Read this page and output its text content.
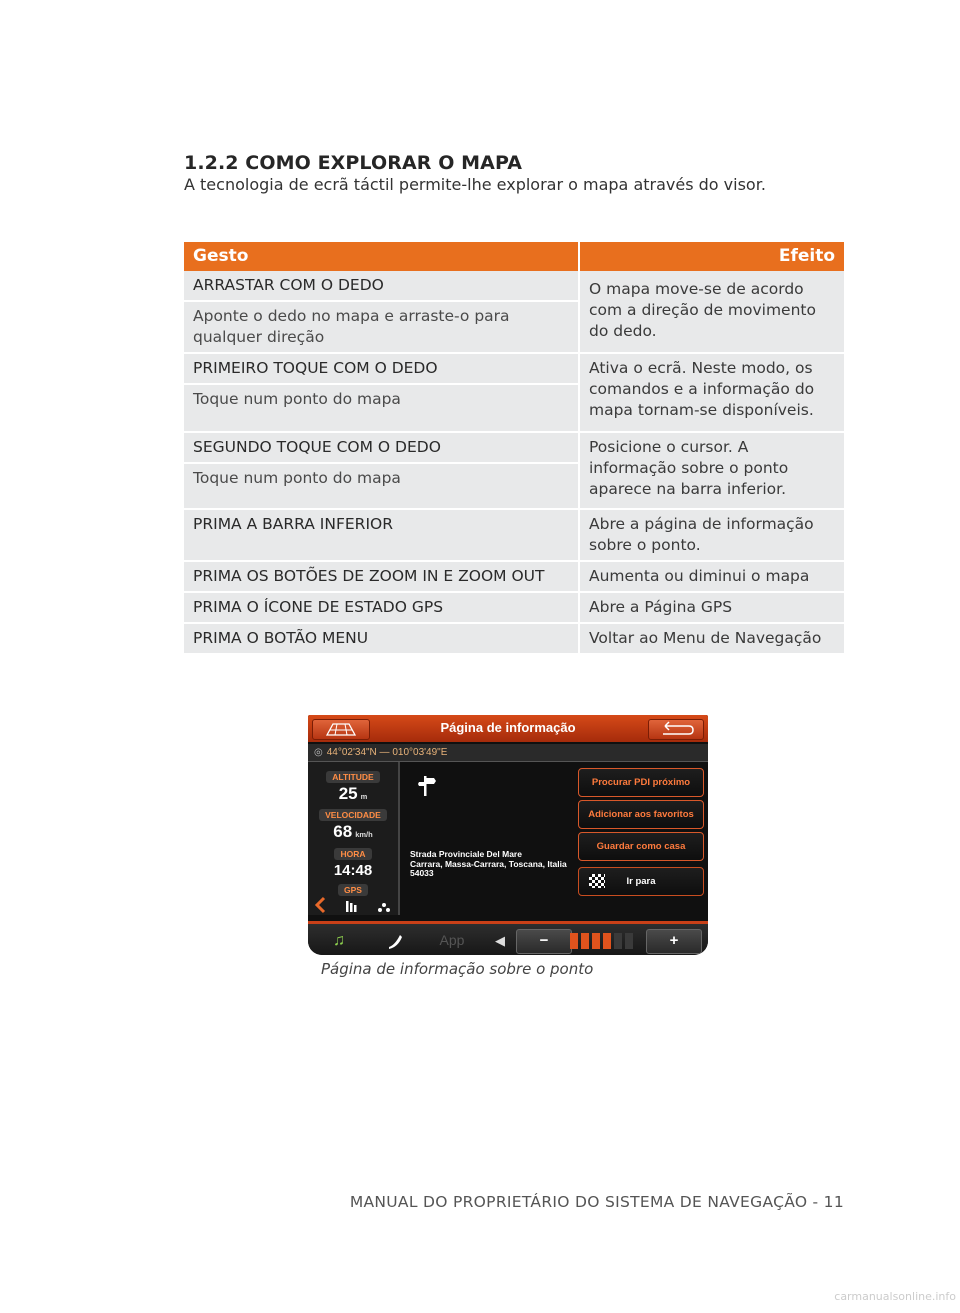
1.2.2 COMO EXPLORAR O MAPA

A tecnologia de ecrã táctil permite-lhe explorar o mapa através do visor.

Gesto	Efeito
ARRASTAR COM O DEDO	O mapa move-se de acordo com a direção de movimento do dedo.
Aponte o dedo no mapa e arraste-o para qualquer direção	
PRIMEIRO TOQUE COM O DEDO	Ativa o ecrã. Neste modo, os comandos e a informação do mapa tornam-se disponíveis.
Toque num ponto do mapa	
SEGUNDO TOQUE COM O DEDO	Posicione o cursor. A informação sobre o ponto aparece na barra inferior.
Toque num ponto do mapa	
PRIMA A BARRA INFERIOR	Abre a página de informação sobre o ponto.
PRIMA OS BOTÕES DE ZOOM IN E ZOOM OUT	Aumenta ou diminui o mapa
PRIMA O ÍCONE DE ESTADO GPS	Abre a Página GPS
PRIMA O BOTÃO MENU	Voltar ao Menu de Navegação
Página de informação
◎ 44°02'34"N — 010°03'49"E
ALTITUDE
25 m
VELOCIDADE
68 km/h
HORA
14:48
GPS
Strada Provinciale Del Mare
Carrara, Massa-Carrara, Toscana, Italia
54033
Procurar PDI próximo
Adicionar aos favoritos
Guardar como casa
Ir para
♫	App	◀	−	+
Página de informação sobre o ponto
MANUAL DO PROPRIETÁRIO DO SISTEMA DE NAVEGAÇÃO - 11
carmanualsonline.info
